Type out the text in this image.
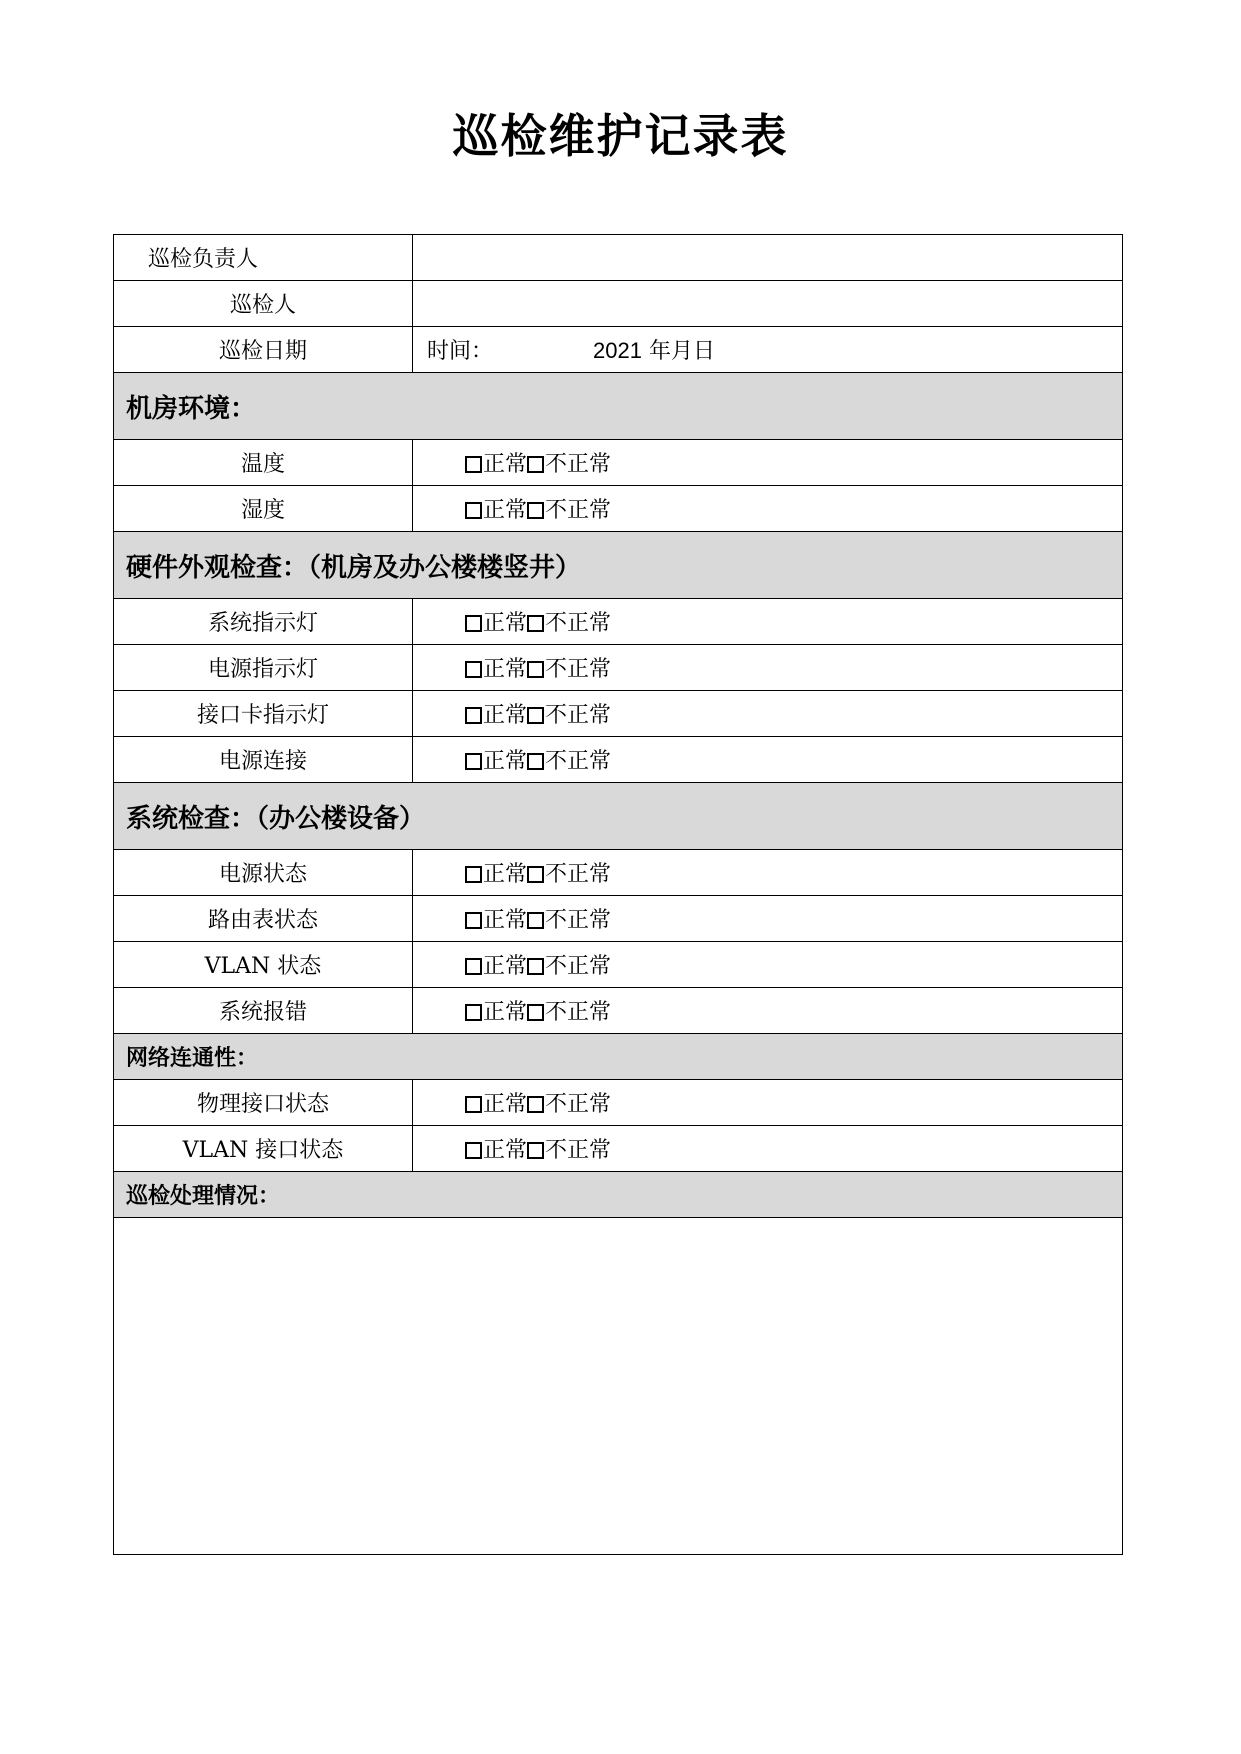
巡检维护记录表
巡检负责人	
巡检人	
巡检日期	时间： 2021 年月日
机房环境：	
温度	正常 不正常
湿度	正常 不正常
硬件外观检查：（机房及办公楼楼竖井）	
系统指示灯	正常 不正常
电源指示灯	正常 不正常
接口卡指示灯	正常 不正常
电源连接	正常 不正常
系统检查：（办公楼设备）	
电源状态	正常 不正常
路由表状态	正常 不正常
VLAN 状态	正常 不正常
系统报错	正常 不正常
网络连通性：	
物理接口状态	正常 不正常
VLAN 接口状态	正常 不正常
巡检处理情况：	
